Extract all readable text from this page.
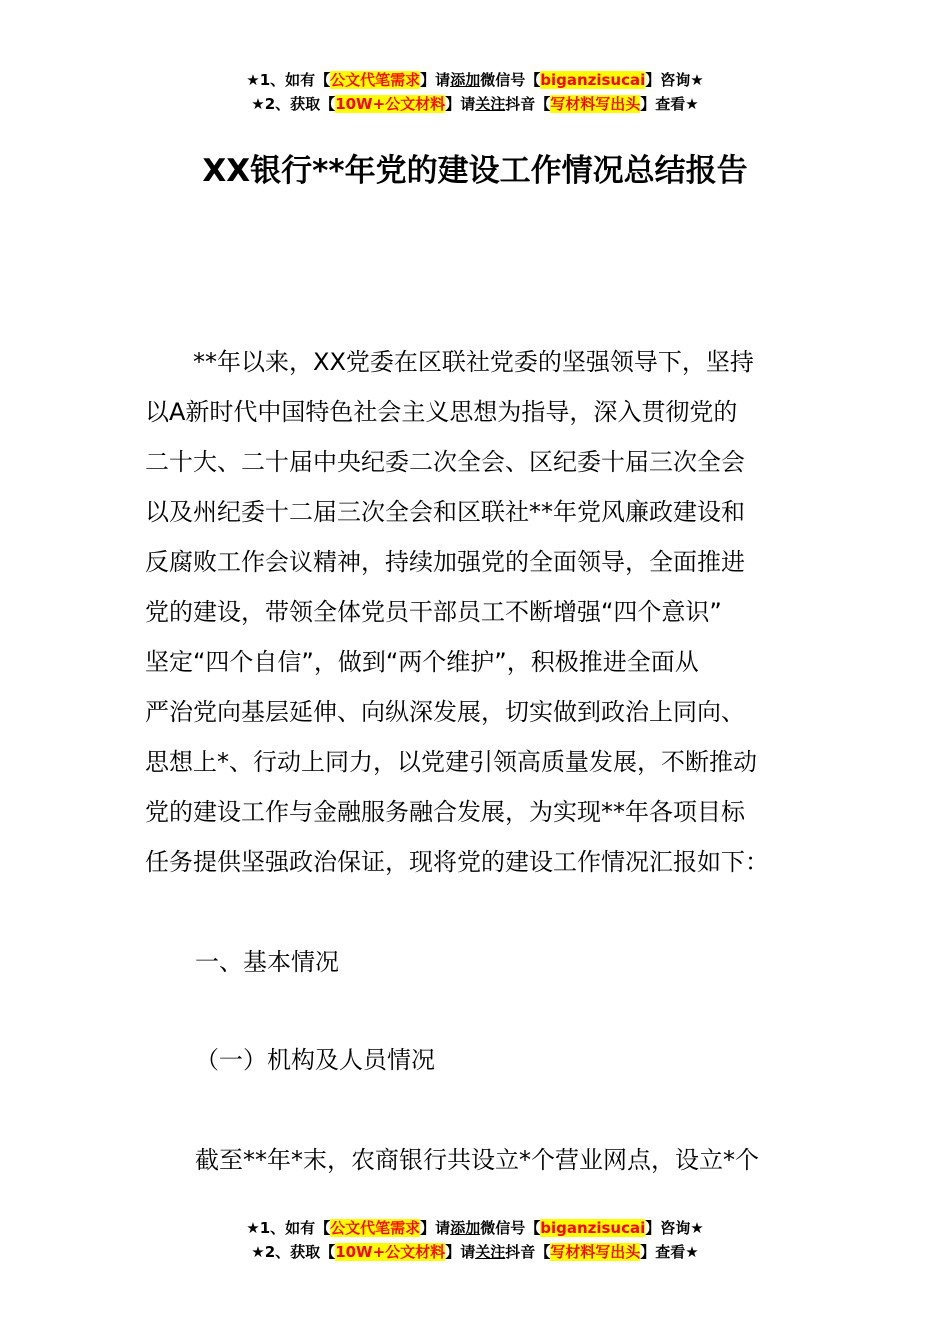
★1、如有【公文代笔需求】请添加微信号【biganzisucai】咨询★
★2、获取【10W+公文材料】请关注抖音【写材料写出头】查看★
XX银行**年党的建设工作情况总结报告
　　**年以来，XX党委在区联社党委的坚强领导下，坚持
以A新时代中国特色社会主义思想为指导，深入贯彻党的
二十大、二十届中央纪委二次全会、区纪委十届三次全会
以及州纪委十二届三次全会和区联社**年党风廉政建设和
反腐败工作会议精神，持续加强党的全面领导，全面推进
党的建设，带领全体党员干部员工不断增强“四个意识”
坚定“四个自信”，做到“两个维护”，积极推进全面从
严治党向基层延伸、向纵深发展，切实做到政治上同向、
思想上*、行动上同力，以党建引领高质量发展，不断推动
党的建设工作与金融服务融合发展，为实现**年各项目标
任务提供坚强政治保证，现将党的建设工作情况汇报如下：
一、基本情况
（一）机构及人员情况
截至**年*末，农商银行共设立*个营业网点，设立*个
★1、如有【公文代笔需求】请添加微信号【biganzisucai】咨询★
★2、获取【10W+公文材料】请关注抖音【写材料写出头】查看★
